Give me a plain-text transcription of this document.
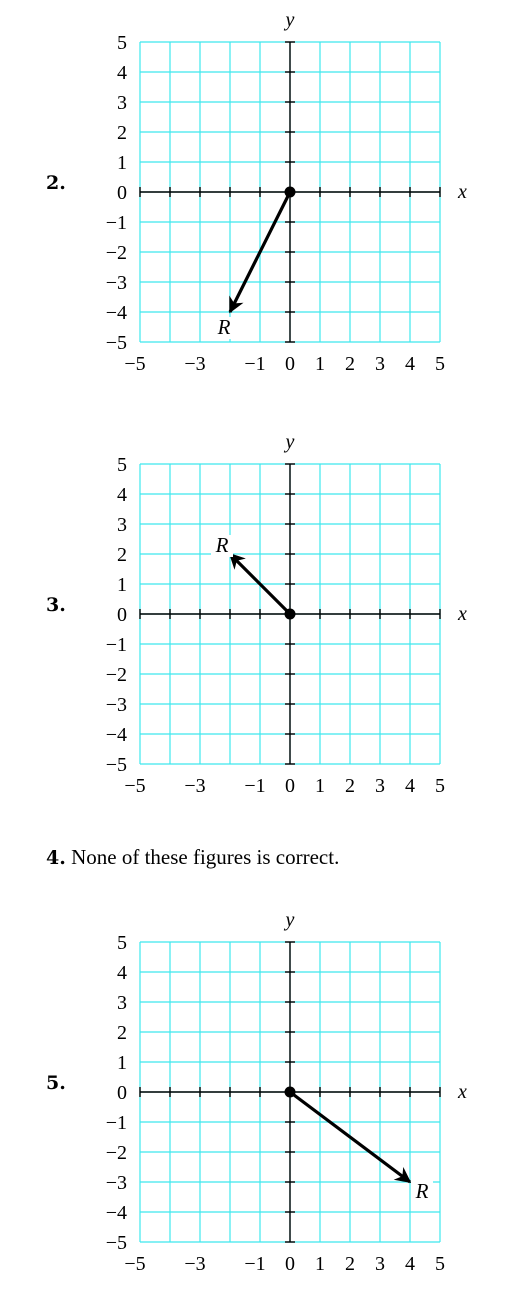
2.
5
4
3
2
1
0
−1
−2
−3
−4
−5
−5 −3 −1 0 1 2 3 4 5
x
y
R
3.
5
4
3
2
1
0
−1
−2
−3
−4
−5
−5 −3 −1 0 1 2 3 4 5
x
y
R
4. None of these figures is correct.
5.
5
4
3
2
1
0
−1
−2
−3
−4
−5
−5 −3 −1 0 1 2 3 4 5
x
y
R
